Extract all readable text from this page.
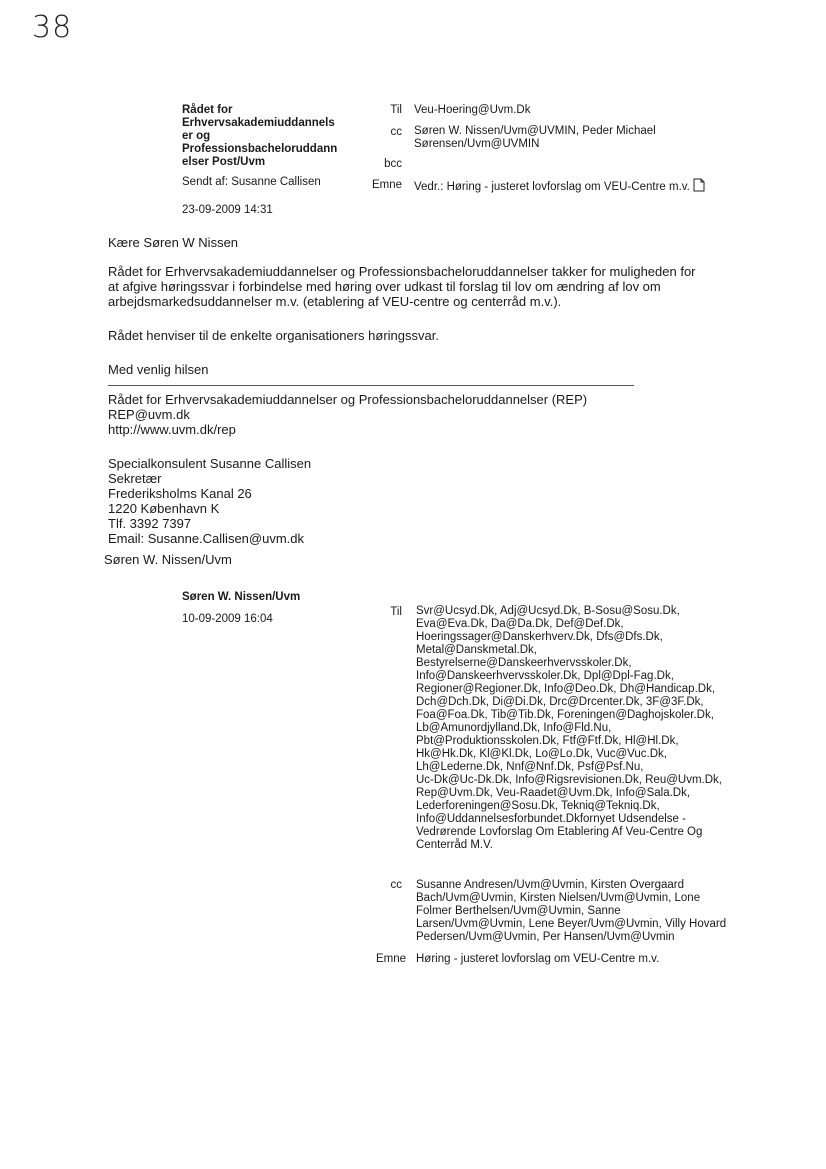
38
Rådet for
Erhvervsakademiuddannels
er og
Professionsbacheloruddann
elser Post/Uvm
Sendt af: Susanne Callisen
23-09-2009 14:31
Til Veu-Hoering@Uvm.Dk
cc Søren W. Nissen/Uvm@UVMIN, Peder Michael
Sørensen/Uvm@UVMIN
bcc
Emne Vedr.: Høring - justeret lovforslag om VEU-Centre m.v.
Kære Søren W Nissen
Rådet for Erhvervsakademiuddannelser og Professionsbacheloruddannelser takker for muligheden for
at afgive høringssvar i forbindelse med høring over udkast til forslag til lov om ændring af lov om
arbejdsmarkedsuddannelser m.v. (etablering af VEU-centre og centerråd m.v.).
Rådet henviser til de enkelte organisationers høringssvar.
Med venlig hilsen
Rådet for Erhvervsakademiuddannelser og Professionsbacheloruddannelser (REP)
REP@uvm.dk
http://www.uvm.dk/rep
Specialkonsulent Susanne Callisen
Sekretær
Frederiksholms Kanal 26
1220 København K
Tlf. 3392 7397
Email: Susanne.Callisen@uvm.dk
Søren W. Nissen/Uvm
Søren W. Nissen/Uvm
10-09-2009 16:04
Til Svr@Ucsyd.Dk, Adj@Ucsyd.Dk, B-Sosu@Sosu.Dk,
Eva@Eva.Dk, Da@Da.Dk, Def@Def.Dk,
Hoeringssager@Danskerhverv.Dk, Dfs@Dfs.Dk,
Metal@Danskmetal.Dk,
Bestyrelserne@Danskeerhvervsskoler.Dk,
Info@Danskeerhvervsskoler.Dk, Dpl@Dpl-Fag.Dk,
Regioner@Regioner.Dk, Info@Deo.Dk, Dh@Handicap.Dk,
Dch@Dch.Dk, Di@Di.Dk, Drc@Drcenter.Dk, 3F@3F.Dk,
Foa@Foa.Dk, Tib@Tib.Dk, Foreningen@Daghojskoler.Dk,
Lb@Amunordjylland.Dk, Info@Fld.Nu,
Pbt@Produktionsskolen.Dk, Ftf@Ftf.Dk, Hl@Hl.Dk,
Hk@Hk.Dk, Kl@Kl.Dk, Lo@Lo.Dk, Vuc@Vuc.Dk,
Lh@Lederne.Dk, Nnf@Nnf.Dk, Psf@Psf.Nu,
Uc-Dk@Uc-Dk.Dk, Info@Rigsrevisionen.Dk, Reu@Uvm.Dk,
Rep@Uvm.Dk, Veu-Raadet@Uvm.Dk, Info@Sala.Dk,
Lederforeningen@Sosu.Dk, Tekniq@Tekniq.Dk,
Info@Uddannelsesforbundet.Dkfornyet Udsendelse -
Vedrørende Lovforslag Om Etablering Af Veu-Centre Og
Centerråd M.V.
cc Susanne Andresen/Uvm@Uvmin, Kirsten Overgaard
Bach/Uvm@Uvmin, Kirsten Nielsen/Uvm@Uvmin, Lone
Folmer Berthelsen/Uvm@Uvmin, Sanne
Larsen/Uvm@Uvmin, Lene Beyer/Uvm@Uvmin, Villy Hovard
Pedersen/Uvm@Uvmin, Per Hansen/Uvm@Uvmin
Emne Høring - justeret lovforslag om VEU-Centre m.v.
